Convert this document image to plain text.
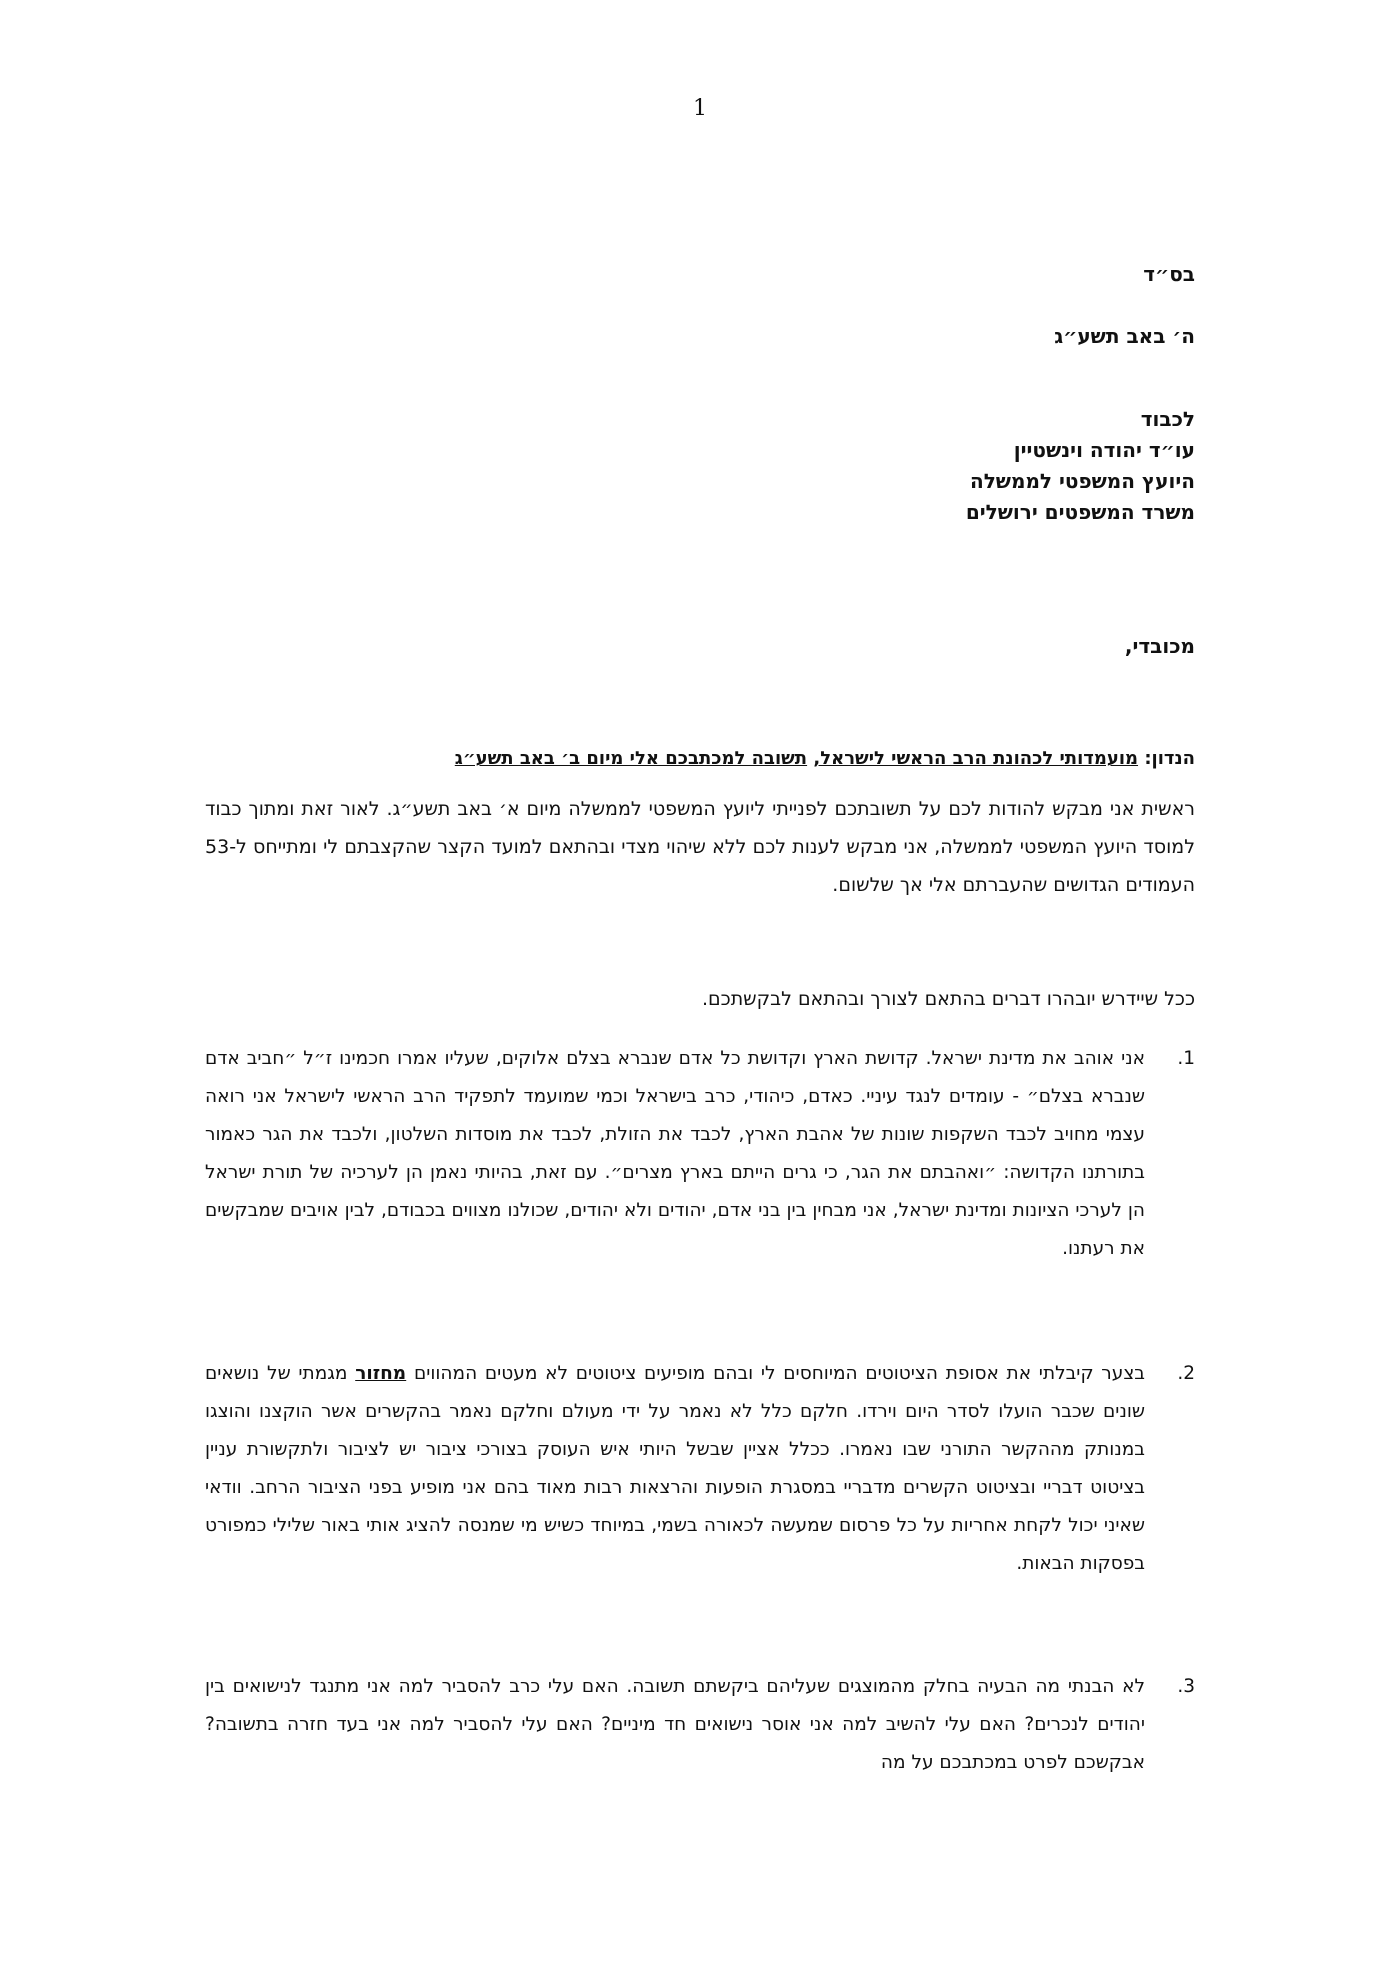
1
בס״ד
ה׳ באב תשע״ג
לכבוד
עו״ד יהודה וינשטיין
היועץ המשפטי לממשלה
משרד המשפטים ירושלים
מכובדי,
הנדון: מועמדותי לכהונת הרב הראשי לישראל, תשובה למכתבכם אלי מיום ב׳ באב תשע״ג
ראשית אני מבקש להודות לכם על תשובתכם לפנייתי ליועץ המשפטי לממשלה מיום א׳ באב תשע״ג. לאור זאת ומתוך כבוד למוסד היועץ המשפטי לממשלה, אני מבקש לענות לכם ללא שיהוי מצדי ובהתאם למועד הקצר שהקצבתם לי ומתייחס ל-53 העמודים הגדושים שהעברתם אלי אך שלשום.
ככל שיידרש יובהרו דברים בהתאם לצורך ובהתאם לבקשתכם.
1.
אני אוהב את מדינת ישראל. קדושת הארץ וקדושת כל אדם שנברא בצלם אלוקים, שעליו אמרו חכמינו ז״ל ״חביב אדם שנברא בצלם״ - עומדים לנגד עיניי. כאדם, כיהודי, כרב בישראל וכמי שמועמד לתפקיד הרב הראשי לישראל אני רואה עצמי מחויב לכבד השקפות שונות של אהבת הארץ, לכבד את הזולת, לכבד את מוסדות השלטון, ולכבד את הגר כאמור בתורתנו הקדושה: ״ואהבתם את הגר, כי גרים הייתם בארץ מצרים״. עם זאת, בהיותי נאמן הן לערכיה של תורת ישראל הן לערכי הציונות ומדינת ישראל, אני מבחין בין בני אדם, יהודים ולא יהודים, שכולנו מצווים בכבודם, לבין אויבים שמבקשים את רעתנו.
2.
בצער קיבלתי את אסופת הציטוטים המיוחסים לי ובהם מופיעים ציטוטים לא מעטים המהווים מחזור מגמתי של נושאים שונים שכבר הועלו לסדר היום וירדו. חלקם כלל לא נאמר על ידי מעולם וחלקם נאמר בהקשרים אשר הוקצנו והוצגו במנותק מההקשר התורני שבו נאמרו. ככלל אציין שבשל היותי איש העוסק בצורכי ציבור יש לציבור ולתקשורת עניין בציטוט דבריי ובציטוט הקשרים מדבריי במסגרת הופעות והרצאות רבות מאוד בהם אני מופיע בפני הציבור הרחב. וודאי שאיני יכול לקחת אחריות על כל פרסום שמעשה לכאורה בשמי, במיוחד כשיש מי שמנסה להציג אותי באור שלילי כמפורט בפסקות הבאות.
3.
לא הבנתי מה הבעיה בחלק מהמוצגים שעליהם ביקשתם תשובה. האם עלי כרב להסביר למה אני מתנגד לנישואים בין יהודים לנכרים? האם עלי להשיב למה אני אוסר נישואים חד מיניים? האם עלי להסביר למה אני בעד חזרה בתשובה? אבקשכם לפרט במכתבכם על מה
